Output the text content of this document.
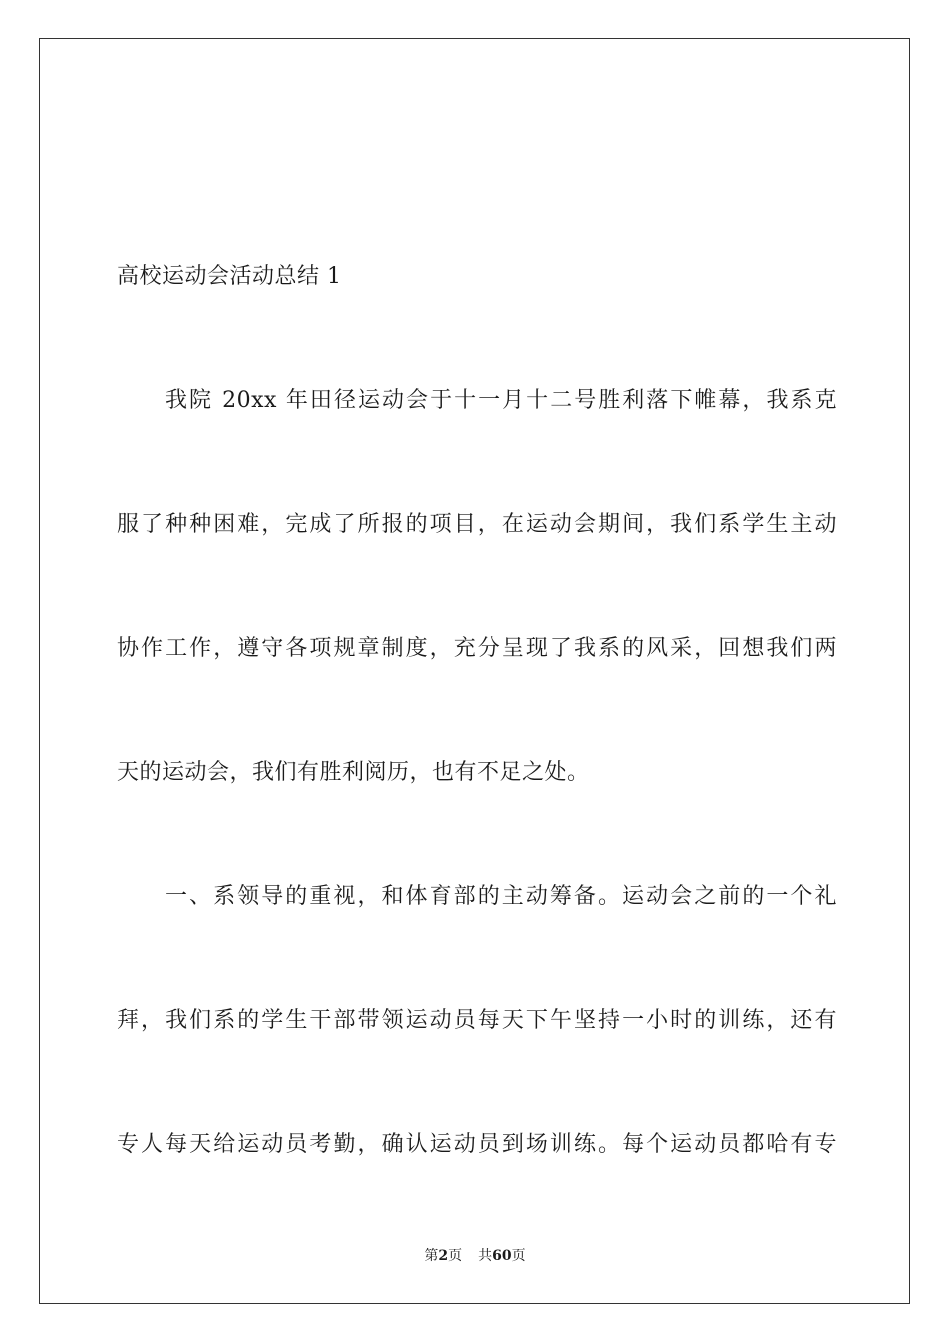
高校运动会活动总结 1
我院 20xx 年田径运动会于十一月十二号胜利落下帷幕，我系克
服了种种困难，完成了所报的项目，在运动会期间，我们系学生主动
协作工作，遵守各项规章制度，充分呈现了我系的风采，回想我们两
天的运动会，我们有胜利阅历，也有不足之处。
一、系领导的重视，和体育部的主动筹备。运动会之前的一个礼
拜，我们系的学生干部带领运动员每天下午坚持一小时的训练，还有
专人每天给运动员考勤，确认运动员到场训练。每个运动员都哈有专
第2页 共60页
